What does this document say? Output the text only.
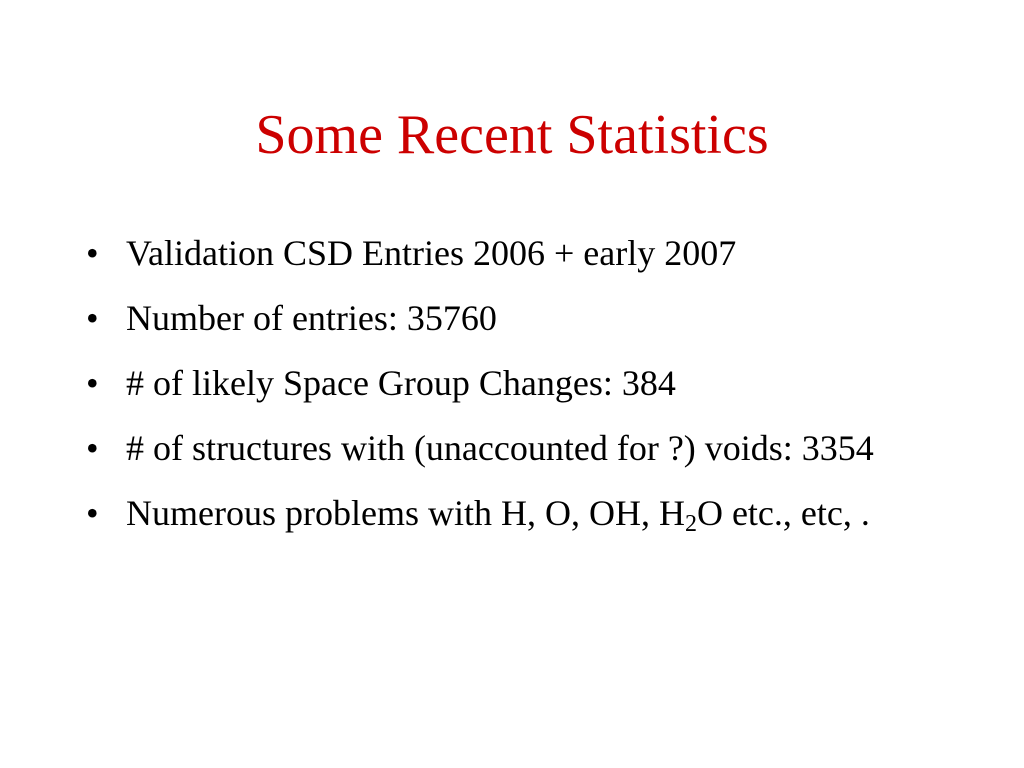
Some Recent Statistics
• Validation CSD Entries 2006 + early 2007
• Number of entries: 35760
• # of likely Space Group Changes: 384
• # of structures with (unaccounted for ?) voids: 3354
• Numerous problems with H, O, OH, $H_2O$ etc., etc, .
